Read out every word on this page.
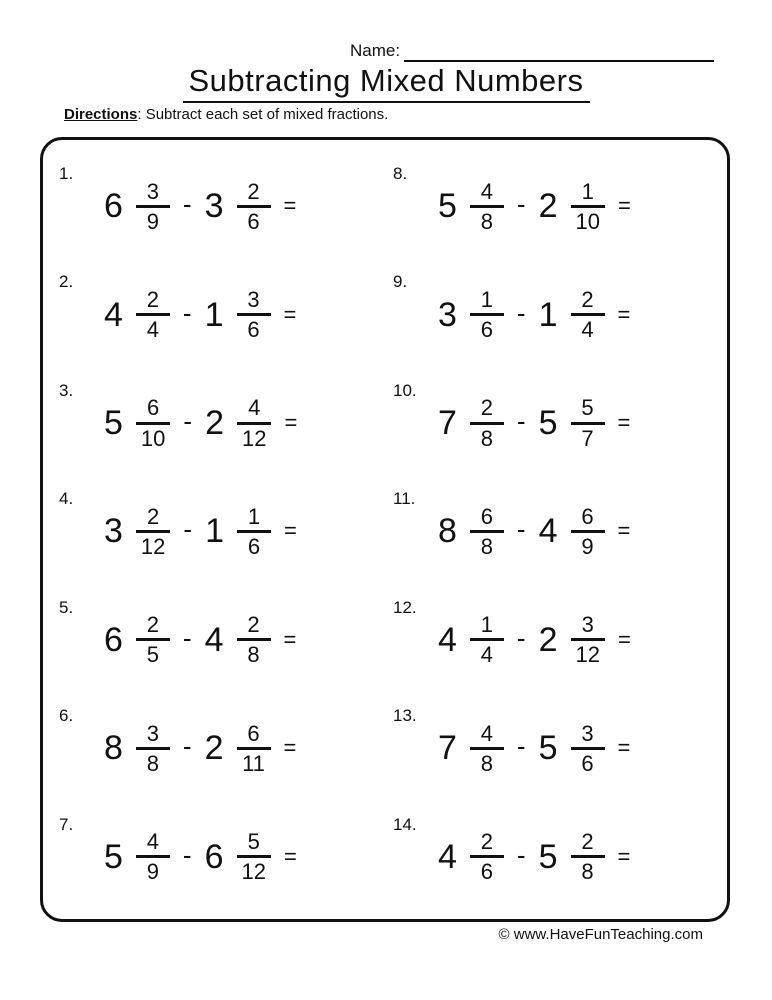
Name:
Subtracting Mixed Numbers
Directions: Subtract each set of mixed fractions.
1.
$6 \frac{3}{9} - 3 \frac{2}{6}$ =
2.
$4 \frac{2}{4} - 1 \frac{3}{6}$ =
3.
$5 \frac{6}{10} - 2 \frac{4}{12}$ =
4.
$3 \frac{2}{12} - 1 \frac{1}{6}$ =
5.
$6 \frac{2}{5} - 4 \frac{2}{8}$ =
6.
$8 \frac{3}{8} - 2 \frac{6}{11}$ =
7.
$5 \frac{4}{9} - 6 \frac{5}{12}$ =
8.
$5 \frac{4}{8} - 2 \frac{1}{10}$ =
9.
$3 \frac{1}{6} - 1 \frac{2}{4}$ =
10.
$7 \frac{2}{8} - 5 \frac{5}{7}$ =
11.
$8 \frac{6}{8} - 4 \frac{6}{9}$ =
12.
$4 \frac{1}{4} - 2 \frac{3}{12}$ =
13.
$7 \frac{4}{8} - 5 \frac{3}{6}$ =
14.
$4 \frac{2}{6} - 5 \frac{2}{8}$ =
© www.HaveFunTeaching.com
